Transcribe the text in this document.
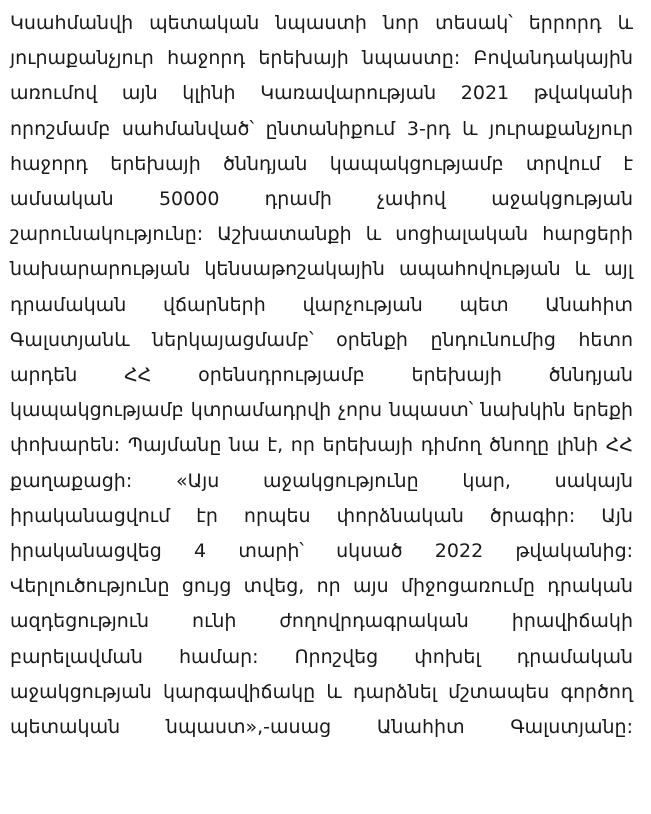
Կսահմանվի պետական նպաստի նոր տեսակ՝ երրորդ և յուրաքանչյուր հաջորդ երեխայի նպաստը: Բովանդակային առումով այն կլինի Կառավարության 2021 թվականի որոշմամբ սահմանված՝ ընտանիքում 3-րդ և յուրաքանչյուր հաջորդ երեխայի ծննդյան կապակցությամբ տրվում է ամսական 50000 դրամի չափով աջակցության շարունակությունը: Աշխատանքի և սոցիալական հարցերի նախարարության կենսաթոշակային ապահովության և այլ դրամական վճարների վարչության պետ Անահիտ Գալստյանև ներկայացմամբ՝ օրենքի ընդունումից հետո արդեն ՀՀ օրենսդրությամբ երեխայի ծննդյան կապակցությամբ կտրամադրվի չորս նպաստ՝ նախկին երեքի փոխարեն: Պայմանը նա է, որ երեխայի դիմող ծնողը լինի ՀՀ քաղաքացի: «Այս աջակցությունը կար, սակայն իրականացվում էր որպես փորձնական ծրագիր: Այն իրականացվեց 4 տարի՝ սկսած 2022 թվականից: Վերլուծությունը ցույց տվեց, որ այս միջոցառումը դրական ազդեցություն ունի ժողովրդագրական իրավիճակի բարելավման համար: Որոշվեց փոխել դրամական աջակցության կարգավիճակը և դարձնել մշտապես գործող պետական նպաստ»,-ասաց Անահիտ Գալստյանը:
